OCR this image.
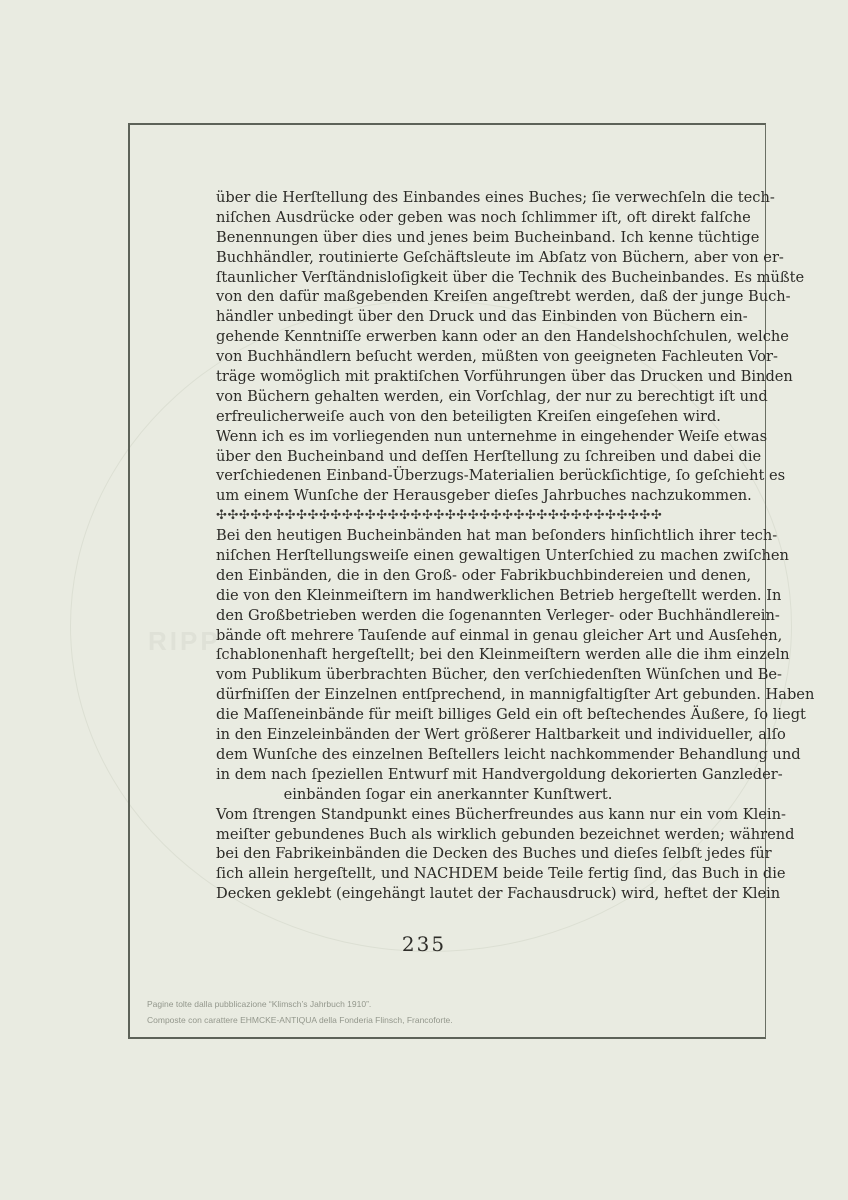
RIPP
über die Herſtellung des Einbandes eines Buches; ſie verwechſeln die tech-
niſchen Ausdrücke oder geben was noch ſchlimmer iſt, oft direkt falſche
Benennungen über dies und jenes beim Bucheinband. Ich kenne tüchtige
Buchhändler, routinierte Geſchäftsleute im Abſatz von Büchern, aber von er-
ſtaunlicher Verſtändnisloſigkeit über die Technik des Bucheinbandes. Es müßte
von den dafür maßgebenden Kreiſen angeſtrebt werden, daß der junge Buch-
händler unbedingt über den Druck und das Einbinden von Büchern ein-
gehende Kenntniſſe erwerben kann oder an den Handelshochſchulen, welche
von Buchhändlern beſucht werden, müßten von geeigneten Fachleuten Vor-
träge womöglich mit praktiſchen Vorführungen über das Drucken und Binden
von Büchern gehalten werden, ein Vorſchlag, der nur zu berechtigt iſt und
erfreulicherweiſe auch von den beteiligten Kreiſen eingeſehen wird.
Wenn ich es im vorliegenden nun unternehme in eingehender Weiſe etwas
über den Bucheinband und deſſen Herſtellung zu ſchreiben und dabei die
verſchiedenen Einband-Überzugs-Materialien berückſichtige, ſo geſchieht es
um einem Wunſche der Herausgeber dieſes Jahrbuches nachzukommen.
✣✣✣✣✣✣✣✣✣✣✣✣✣✣✣✣✣✣✣✣✣✣✣✣✣✣✣✣✣✣✣✣✣✣✣✣✣✣✣
Bei den heutigen Bucheinbänden hat man beſonders hinſichtlich ihrer tech-
niſchen Herſtellungsweiſe einen gewaltigen Unterſchied zu machen zwiſchen
den Einbänden, die in den Groß- oder Fabrikbuchbindereien und denen,
die von den Kleinmeiſtern im handwerklichen Betrieb hergeſtellt werden. In
den Großbetrieben werden die ſogenannten Verleger- oder Buchhändlerein-
bände oft mehrere Tauſende auf einmal in genau gleicher Art und Ausſehen,
ſchablonenhaft hergeſtellt; bei den Kleinmeiſtern werden alle die ihm einzeln
vom Publikum überbrachten Bücher, den verſchiedenſten Wünſchen und Be-
dürfniſſen der Einzelnen entſprechend, in mannigfaltigſter Art gebunden. Haben
die Maſſeneinbände für meiſt billiges Geld ein oft beſtechendes Äußere, ſo liegt
in den Einzeleinbänden der Wert größerer Haltbarkeit und individueller, alſo
dem Wunſche des einzelnen Beſtellers leicht nachkommender Behandlung und
in dem nach ſpeziellen Entwurf mit Handvergoldung dekorierten Ganzleder-
einbänden ſogar ein anerkannter Kunſtwert.
Vom ſtrengen Standpunkt eines Bücherfreundes aus kann nur ein vom Klein-
meiſter gebundenes Buch als wirklich gebunden bezeichnet werden; während
bei den Fabrikeinbänden die Decken des Buches und dieſes ſelbſt jedes für
ſich allein hergeſtellt, und NACHDEM beide Teile fertig ſind, das Buch in die
Decken geklebt (eingehängt lautet der Fachausdruck) wird, heftet der Klein
235
Pagine tolte dalla pubblicazione “Klimsch’s Jahrbuch 1910”.
Composte con carattere EHMCKE-ANTIQUA della Fonderia Flinsch, Francoforte.
